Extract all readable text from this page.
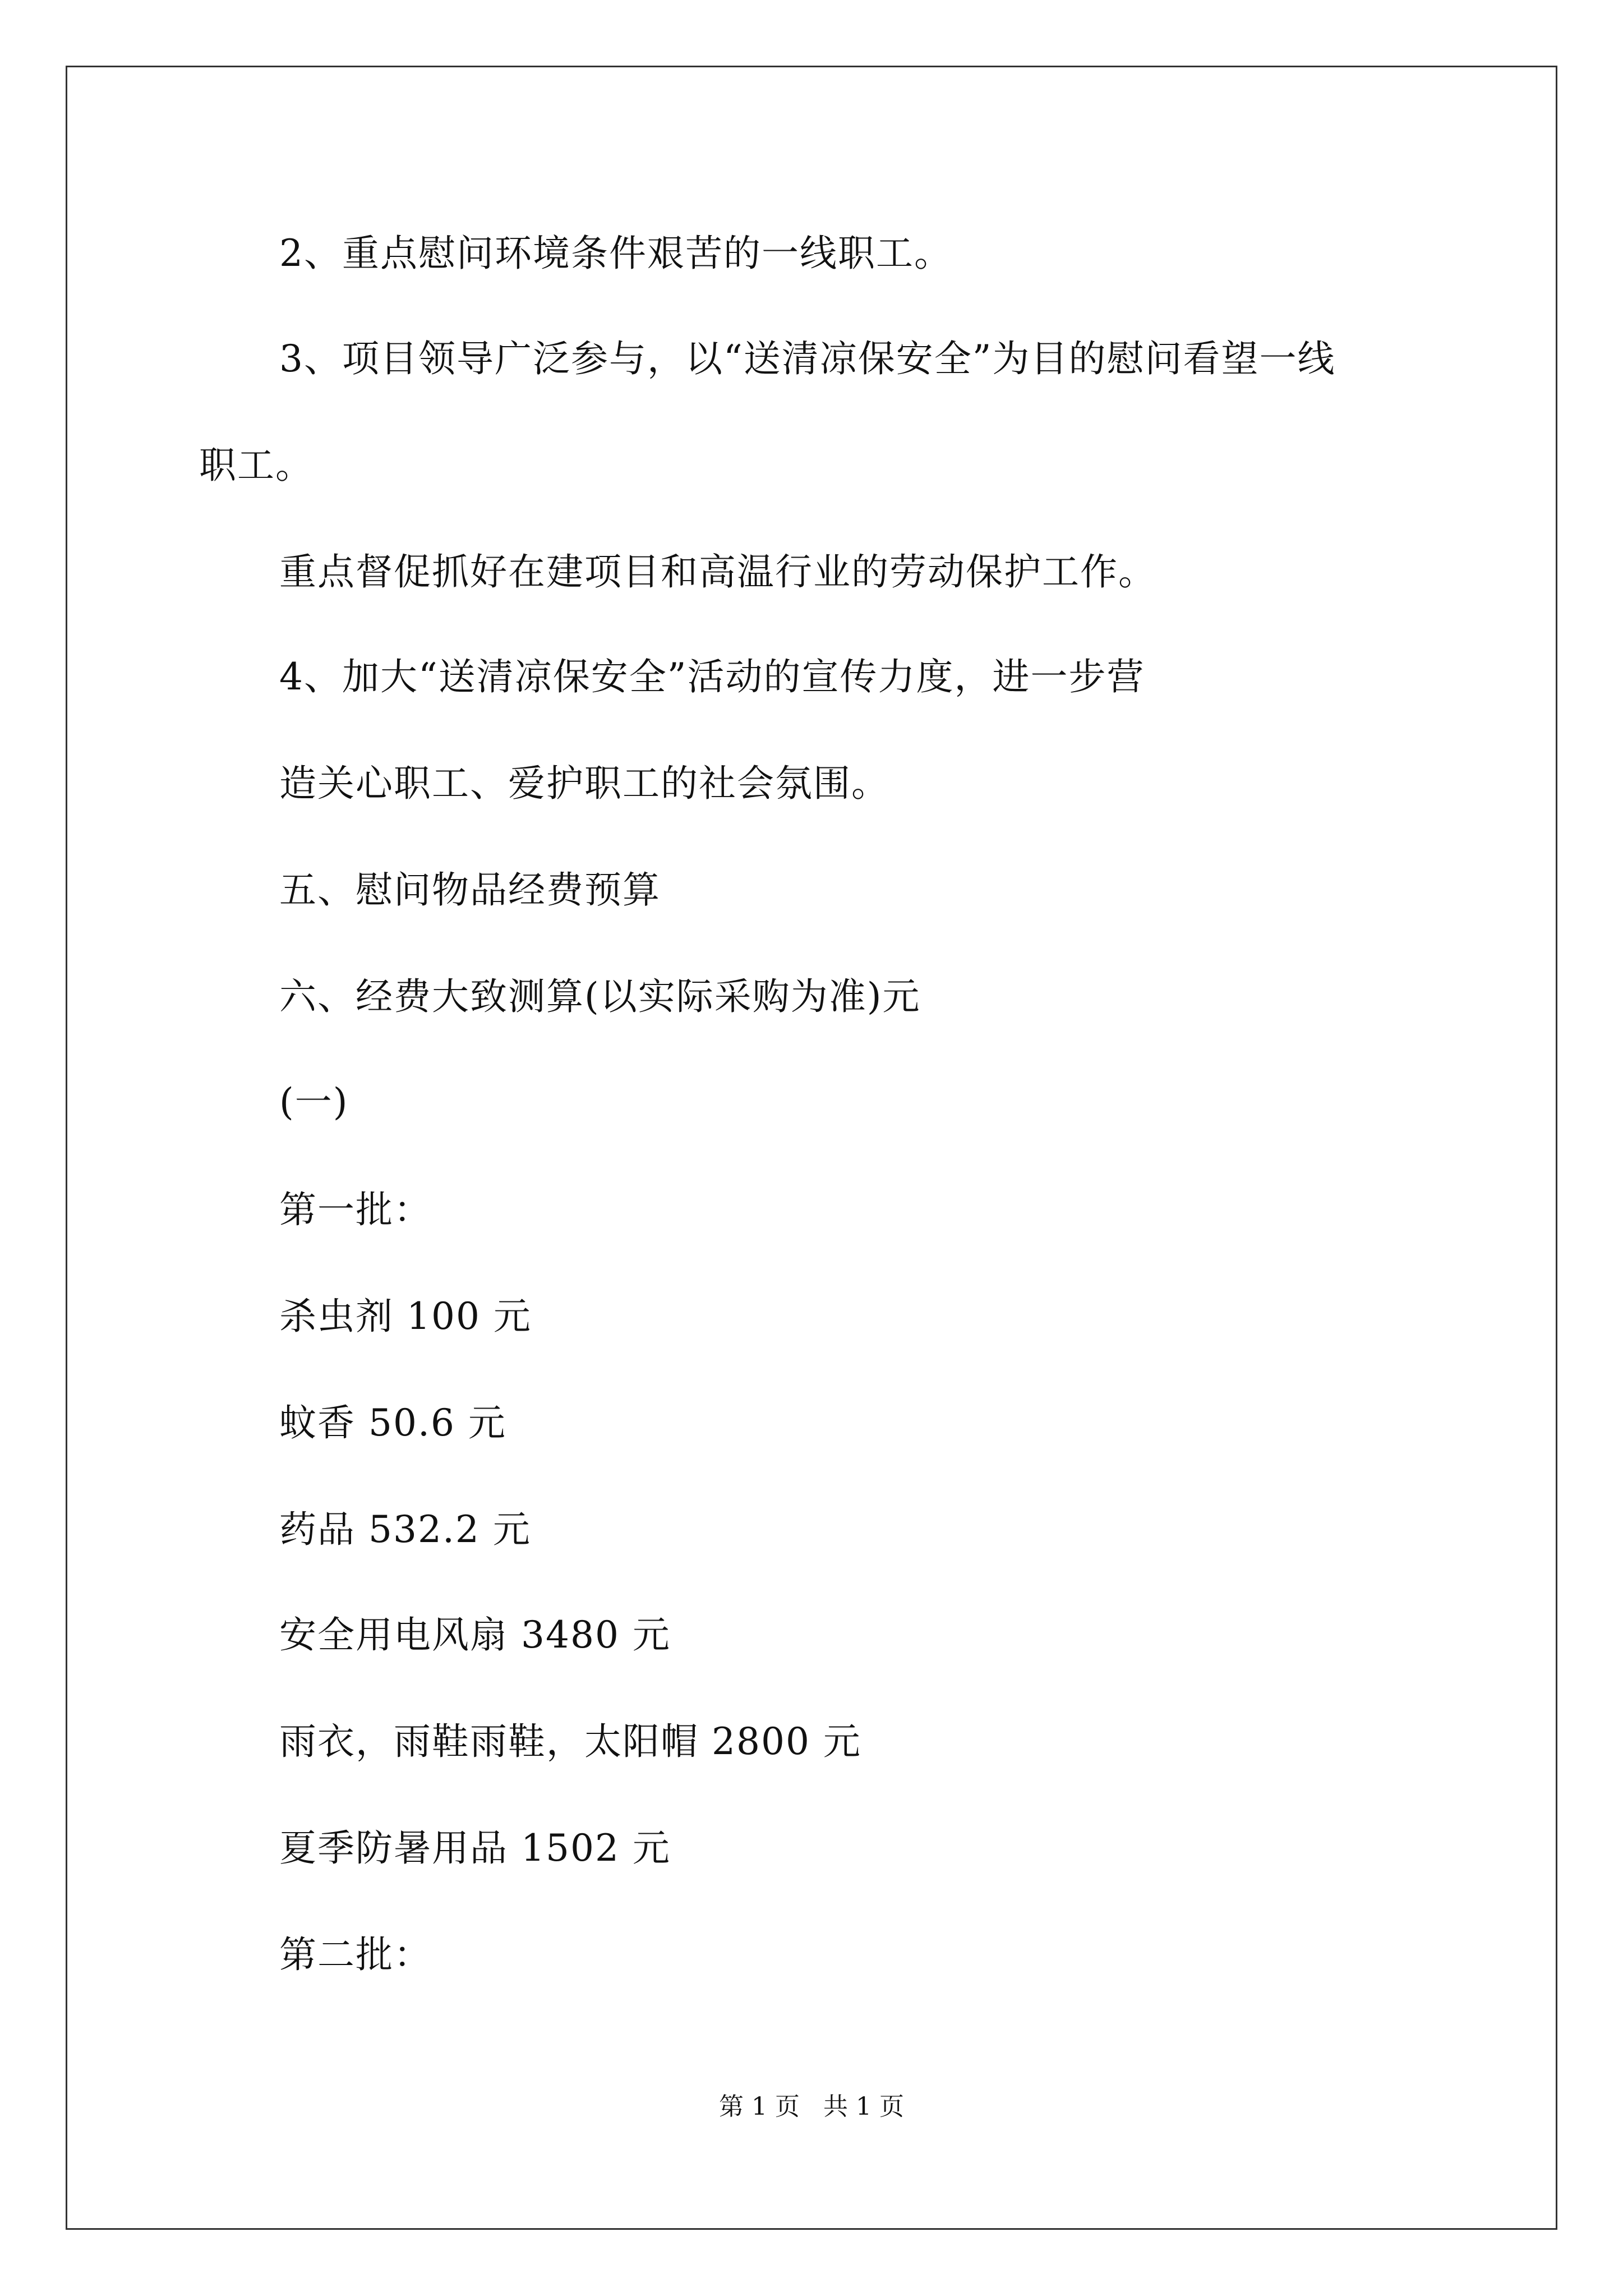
2、重点慰问环境条件艰苦的一线职工。
3、项目领导广泛参与，以“送清凉保安全”为目的慰问看望一线
职工。
重点督促抓好在建项目和高温行业的劳动保护工作。
4、加大“送清凉保安全”活动的宣传力度，进一步营
造关心职工、爱护职工的社会氛围。
五、慰问物品经费预算
六、经费大致测算(以实际采购为准)元
(一)
第一批：
杀虫剂 100 元
蚊香 50.6 元
药品 532.2 元
安全用电风扇 3480 元
雨衣，雨鞋雨鞋，太阳帽 2800 元
夏季防暑用品 1502 元
第二批：
第 1 页   共 1 页
